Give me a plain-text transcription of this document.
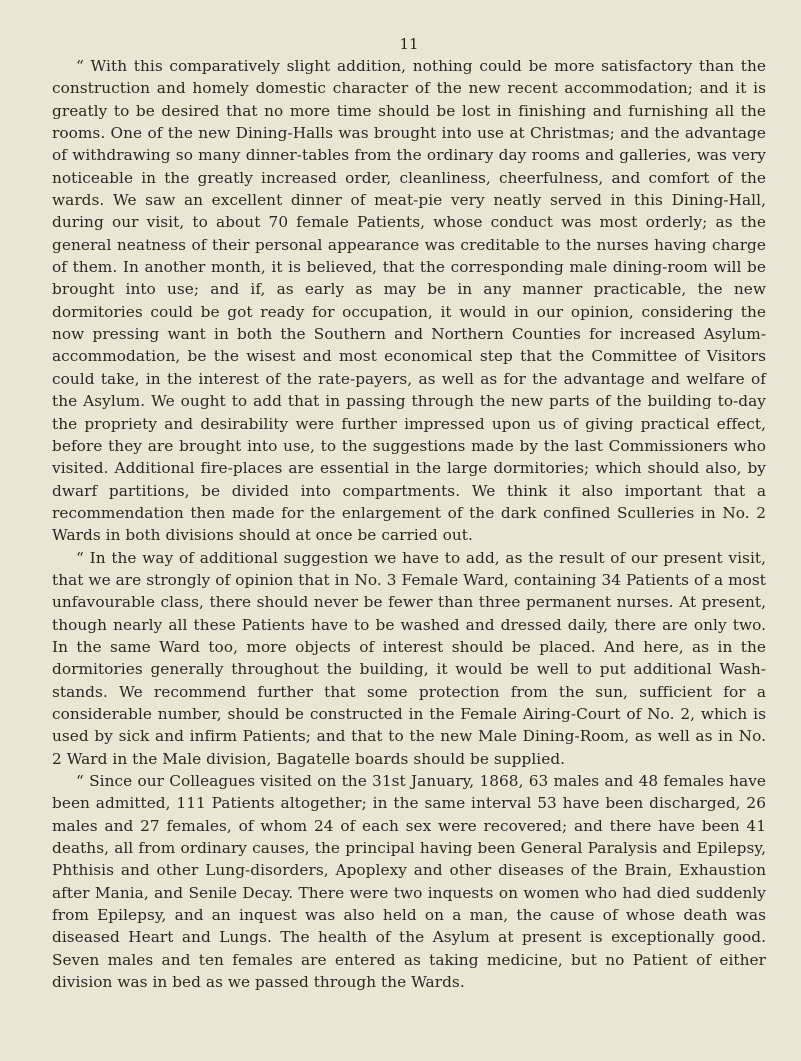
11

“ With this comparatively slight addition, nothing could be more satisfactory than the construction and homely domestic character of the new recent accommodation; and it is greatly to be desired that no more time should be lost in finishing and furnishing all the rooms. One of the new Dining-Halls was brought into use at Christmas; and the advantage of withdrawing so many dinner-tables from the ordinary day rooms and galleries, was very noticeable in the greatly increased order, cleanliness, cheerfulness, and comfort of the wards. We saw an excellent dinner of meat-pie very neatly served in this Dining-Hall, during our visit, to about 70 female Patients, whose conduct was most orderly; as the general neatness of their personal appearance was creditable to the nurses having charge of them. In another month, it is believed, that the corresponding male dining-room will be brought into use; and if, as early as may be in any manner practicable, the new dormitories could be got ready for occupation, it would in our opinion, considering the now pressing want in both the Southern and Northern Counties for increased Asylum-accommodation, be the wisest and most economical step that the Committee of Visitors could take, in the interest of the rate-payers, as well as for the advantage and welfare of the Asylum. We ought to add that in passing through the new parts of the building to-day the propriety and desirability were further impressed upon us of giving practical effect, before they are brought into use, to the suggestions made by the last Commissioners who visited. Additional fire-places are essential in the large dormitories; which should also, by dwarf partitions, be divided into compartments. We think it also important that a recommendation then made for the enlargement of the dark confined Sculleries in No. 2 Wards in both divisions should at once be carried out.

“ In the way of additional suggestion we have to add, as the result of our present visit, that we are strongly of opinion that in No. 3 Female Ward, containing 34 Patients of a most unfavourable class, there should never be fewer than three permanent nurses. At present, though nearly all these Patients have to be washed and dressed daily, there are only two. In the same Ward too, more objects of interest should be placed. And here, as in the dormitories generally throughout the building, it would be well to put additional Wash-stands. We recommend further that some protection from the sun, sufficient for a considerable number, should be constructed in the Female Airing-Court of No. 2, which is used by sick and infirm Patients; and that to the new Male Dining-Room, as well as in No. 2 Ward in the Male division, Bagatelle boards should be supplied.

“ Since our Colleagues visited on the 31st January, 1868, 63 males and 48 females have been admitted, 111 Patients altogether; in the same interval 53 have been discharged, 26 males and 27 females, of whom 24 of each sex were recovered; and there have been 41 deaths, all from ordinary causes, the principal having been General Paralysis and Epilepsy, Phthisis and other Lung-disorders, Apoplexy and other diseases of the Brain, Exhaustion after Mania, and Senile Decay. There were two inquests on women who had died suddenly from Epilepsy, and an inquest was also held on a man, the cause of whose death was diseased Heart and Lungs. The health of the Asylum at present is exceptionally good. Seven males and ten females are entered as taking medicine, but no Patient of either division was in bed as we passed through the Wards.
